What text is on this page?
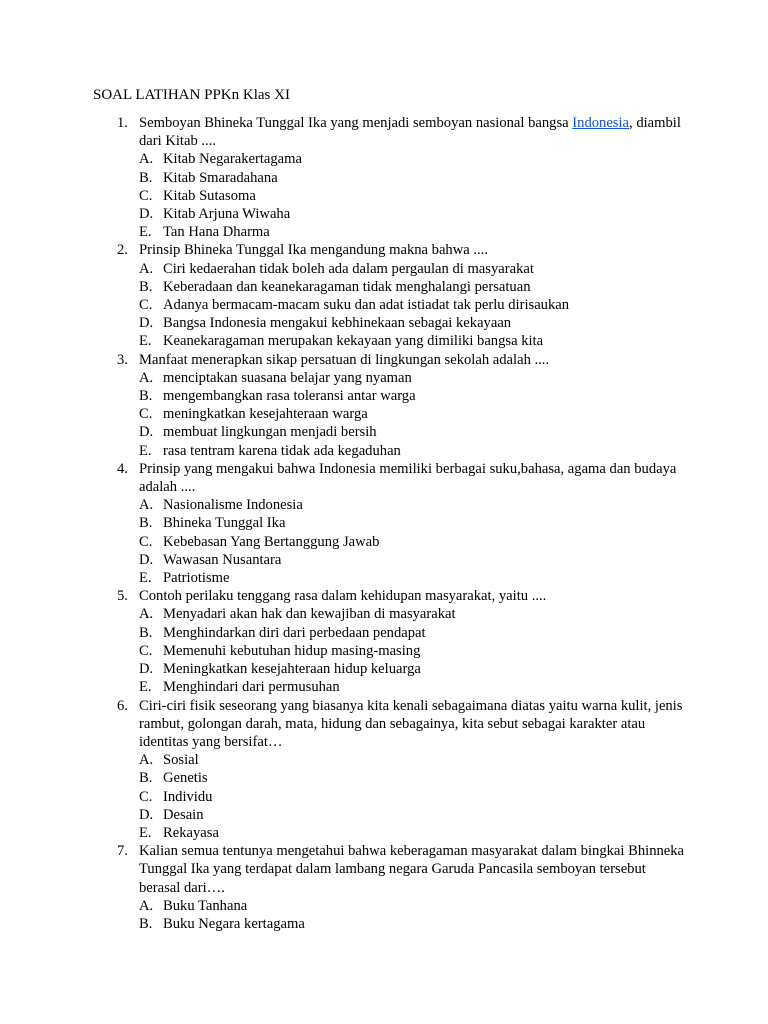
SOAL LATIHAN PPKn Klas XI
1. Semboyan Bhineka Tunggal Ika yang menjadi semboyan nasional bangsa Indonesia, diambil dari Kitab ....
A. Kitab Negarakertagama
B. Kitab Smaradahana
C. Kitab Sutasoma
D. Kitab Arjuna Wiwaha
E. Tan Hana Dharma
2. Prinsip Bhineka Tunggal Ika mengandung makna bahwa ....
A. Ciri kedaerahan tidak boleh ada dalam pergaulan di masyarakat
B. Keberadaan dan keanekaragaman tidak menghalangi persatuan
C. Adanya bermacam-macam suku dan adat istiadat tak perlu dirisaukan
D. Bangsa Indonesia mengakui kebhinekaan sebagai kekayaan
E. Keanekaragaman merupakan kekayaan yang dimiliki bangsa kita
3. Manfaat menerapkan sikap persatuan di lingkungan sekolah adalah ....
A. menciptakan suasana belajar yang nyaman
B. mengembangkan rasa toleransi antar warga
C. meningkatkan kesejahteraan warga
D. membuat lingkungan menjadi bersih
E. rasa tentram karena tidak ada kegaduhan
4. Prinsip yang mengakui bahwa Indonesia memiliki berbagai suku,bahasa, agama dan budaya adalah ....
A. Nasionalisme Indonesia
B. Bhineka Tunggal Ika
C. Kebebasan Yang Bertanggung Jawab
D. Wawasan Nusantara
E. Patriotisme
5. Contoh perilaku tenggang rasa dalam kehidupan masyarakat, yaitu ....
A. Menyadari akan hak dan kewajiban di masyarakat
B. Menghindarkan diri dari perbedaan pendapat
C. Memenuhi kebutuhan hidup masing-masing
D. Meningkatkan kesejahteraan hidup keluarga
E. Menghindari dari permusuhan
6. Ciri-ciri fisik seseorang yang biasanya kita kenali sebagaimana diatas yaitu warna kulit, jenis rambut, golongan darah, mata, hidung dan sebagainya, kita sebut sebagai karakter atau identitas yang bersifat…
A. Sosial
B. Genetis
C. Individu
D. Desain
E. Rekayasa
7. Kalian semua tentunya mengetahui bahwa keberagaman masyarakat dalam bingkai Bhinneka Tunggal Ika yang terdapat dalam lambang negara Garuda Pancasila semboyan tersebut berasal dari….
A. Buku Tanhana
B. Buku Negara kertagama
